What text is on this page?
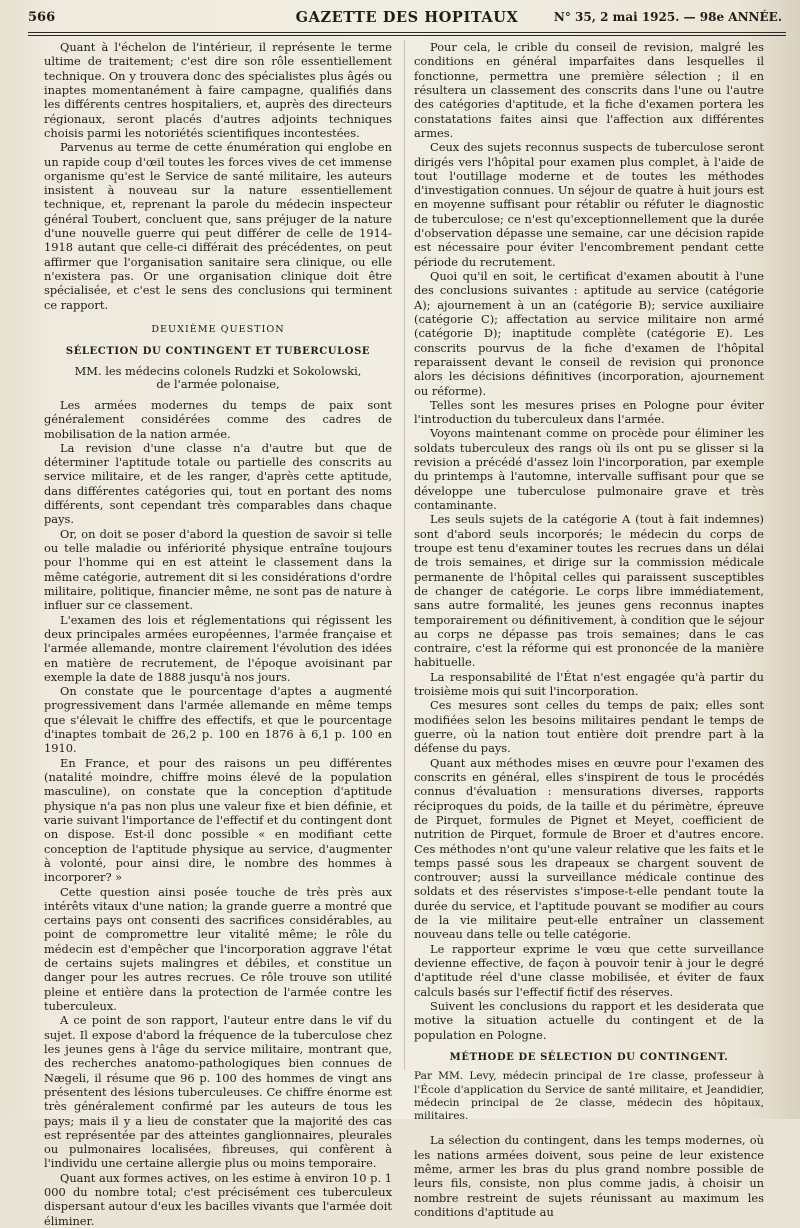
566	GAZETTE DES HOPITAUX	N° 35, 2 mai 1925. — 98e ANNÉE.

Quant à l'échelon de l'intérieur, il représente le terme ultime de traitement; c'est dire son rôle essentiellement technique. On y trouvera donc des spécialistes plus âgés ou inaptes momentanément à faire campagne, qualifiés dans les différents centres hospitaliers, et, auprès des directeurs régionaux, seront placés d'autres adjoints techniques choisis parmi les notoriétés scientifiques incontestées.

Parvenus au terme de cette énumération qui englobe en un rapide coup d'œil toutes les forces vives de cet immense organisme qu'est le Service de santé militaire, les auteurs insistent à nouveau sur la nature essentiellement technique, et, reprenant la parole du médecin inspecteur général Toubert, concluent que, sans préjuger de la nature d'une nouvelle guerre qui peut différer de celle de 1914-1918 autant que celle-ci différait des précédentes, on peut affirmer que l'organisation sanitaire sera clinique, ou elle n'existera pas. Or une organisation clinique doit être spécialisée, et c'est le sens des conclusions qui terminent ce rapport.

DEUXIÈME QUESTION
SÉLECTION DU CONTINGENT ET TUBERCULOSE
MM. les médecins colonels Rudzki et Sokolowski,
de l'armée polonaise,

Les armées modernes du temps de paix sont généralement considérées comme des cadres de mobilisation de la nation armée.

La revision d'une classe n'a d'autre but que de déterminer l'aptitude totale ou partielle des conscrits au service militaire, et de les ranger, d'après cette aptitude, dans différentes catégories qui, tout en portant des noms différents, sont cependant très comparables dans chaque pays.

Or, on doit se poser d'abord la question de savoir si telle ou telle maladie ou infériorité physique entraîne toujours pour l'homme qui en est atteint le classement dans la même catégorie, autrement dit si les considérations d'ordre militaire, politique, financier même, ne sont pas de nature à influer sur ce classement.

L'examen des lois et réglementations qui régissent les deux principales armées européennes, l'armée française et l'armée allemande, montre clairement l'évolution des idées en matière de recrutement, de l'époque avoisinant par exemple la date de 1888 jusqu'à nos jours.

On constate que le pourcentage d'aptes a augmenté progressivement dans l'armée allemande en même temps que s'élevait le chiffre des effectifs, et que le pourcentage d'inaptes tombait de 26,2 p. 100 en 1876 à 6,1 p. 100 en 1910.

En France, et pour des raisons un peu différentes (natalité moindre, chiffre moins élevé de la population masculine), on constate que la conception d'aptitude physique n'a pas non plus une valeur fixe et bien définie, et varie suivant l'importance de l'effectif et du contingent dont on dispose. Est-il donc possible « en modifiant cette conception de l'aptitude physique au service, d'augmenter à volonté, pour ainsi dire, le nombre des hommes à incorporer? »

Cette question ainsi posée touche de très près aux intérêts vitaux d'une nation; la grande guerre a montré que certains pays ont consenti des sacrifices considérables, au point de compromettre leur vitalité même; le rôle du médecin est d'empêcher que l'incorporation aggrave l'état de certains sujets malingres et débiles, et constitue un danger pour les autres recrues. Ce rôle trouve son utilité pleine et entière dans la protection de l'armée contre les tuberculeux.

A ce point de son rapport, l'auteur entre dans le vif du sujet. Il expose d'abord la fréquence de la tuberculose chez les jeunes gens à l'âge du service militaire, montrant que, des recherches anatomo-pathologiques bien connues de Nægeli, il résume que 96 p. 100 des hommes de vingt ans présentent des lésions tuberculeuses. Ce chiffre énorme est très généralement confirmé par les auteurs de tous les pays; mais il y a lieu de constater que la majorité des cas est représentée par des atteintes ganglionnaires, pleurales ou pulmonaires localisées, fibreuses, qui confèrent à l'individu une certaine allergie plus ou moins temporaire.

Quant aux formes actives, on les estime à environ 10 p. 1 000 du nombre total; c'est précisément ces tuberculeux dispersant autour d'eux les bacilles vivants que l'armée doit éliminer.

Pour cela, le crible du conseil de revision, malgré les conditions en général imparfaites dans lesquelles il fonctionne, permettra une première sélection ; il en résultera un classement des conscrits dans l'une ou l'autre des catégories d'aptitude, et la fiche d'examen portera les constatations faites ainsi que l'affection aux différentes armes.

Ceux des sujets reconnus suspects de tuberculose seront dirigés vers l'hôpital pour examen plus complet, à l'aide de tout l'outillage moderne et de toutes les méthodes d'investigation connues. Un séjour de quatre à huit jours est en moyenne suffisant pour rétablir ou réfuter le diagnostic de tuberculose; ce n'est qu'exceptionnellement que la durée d'observation dépasse une semaine, car une décision rapide est nécessaire pour éviter l'encombrement pendant cette période du recrutement.

Quoi qu'il en soit, le certificat d'examen aboutit à l'une des conclusions suivantes : aptitude au service (catégorie A); ajournement à un an (catégorie B); service auxiliaire (catégorie C); affectation au service militaire non armé (catégorie D); inaptitude complète (catégorie E). Les conscrits pourvus de la fiche d'examen de l'hôpital reparaissent devant le conseil de revision qui prononce alors les décisions définitives (incorporation, ajournement ou réforme).

Telles sont les mesures prises en Pologne pour éviter l'introduction du tuberculeux dans l'armée.

Voyons maintenant comme on procède pour éliminer les soldats tuberculeux des rangs où ils ont pu se glisser si la revision a précédé d'assez loin l'incorporation, par exemple du printemps à l'automne, intervalle suffisant pour que se développe une tuberculose pulmonaire grave et très contaminante.

Les seuls sujets de la catégorie A (tout à fait indemnes) sont d'abord seuls incorporés; le médecin du corps de troupe est tenu d'examiner toutes les recrues dans un délai de trois semaines, et dirige sur la commission médicale permanente de l'hôpital celles qui paraissent susceptibles de changer de catégorie. Le corps libre immédiatement, sans autre formalité, les jeunes gens reconnus inaptes temporairement ou définitivement, à condition que le séjour au corps ne dépasse pas trois semaines; dans le cas contraire, c'est la réforme qui est prononcée de la manière habituelle.

La responsabilité de l'État n'est engagée qu'à partir du troisième mois qui suit l'incorporation.

Ces mesures sont celles du temps de paix; elles sont modifiées selon les besoins militaires pendant le temps de guerre, où la nation tout entière doit prendre part à la défense du pays.

Quant aux méthodes mises en œuvre pour l'examen des conscrits en général, elles s'inspirent de tous le procédés connus d'évaluation : mensurations diverses, rapports réciproques du poids, de la taille et du périmètre, épreuve de Pirquet, formules de Pignet et Meyet, coefficient de nutrition de Pirquet, formule de Broer et d'autres encore. Ces méthodes n'ont qu'une valeur relative que les faits et le temps passé sous les drapeaux se chargent souvent de controuver; aussi la surveillance médicale continue des soldats et des réservistes s'impose-t-elle pendant toute la durée du service, et l'aptitude pouvant se modifier au cours de la vie militaire peut-elle entraîner un classement nouveau dans telle ou telle catégorie.

Le rapporteur exprime le vœu que cette surveillance devienne effective, de façon à pouvoir tenir à jour le degré d'aptitude réel d'une classe mobilisée, et éviter de faux calculs basés sur l'effectif fictif des réserves.

Suivent les conclusions du rapport et les desiderata que motive la situation actuelle du contingent et de la population en Pologne.

MÉTHODE DE SÉLECTION DU CONTINGENT.
Par MM. Levy, médecin principal de 1re classe, professeur à l'École d'application du Service de santé militaire, et Jeandidier, médecin principal de 2e classe, médecin des hôpitaux, militaires.

La sélection du contingent, dans les temps modernes, où les nations armées doivent, sous peine de leur existence même, armer les bras du plus grand nombre possible de leurs fils, consiste, non plus comme jadis, à choisir un nombre restreint de sujets réunissant au maximum les conditions d'aptitude au
